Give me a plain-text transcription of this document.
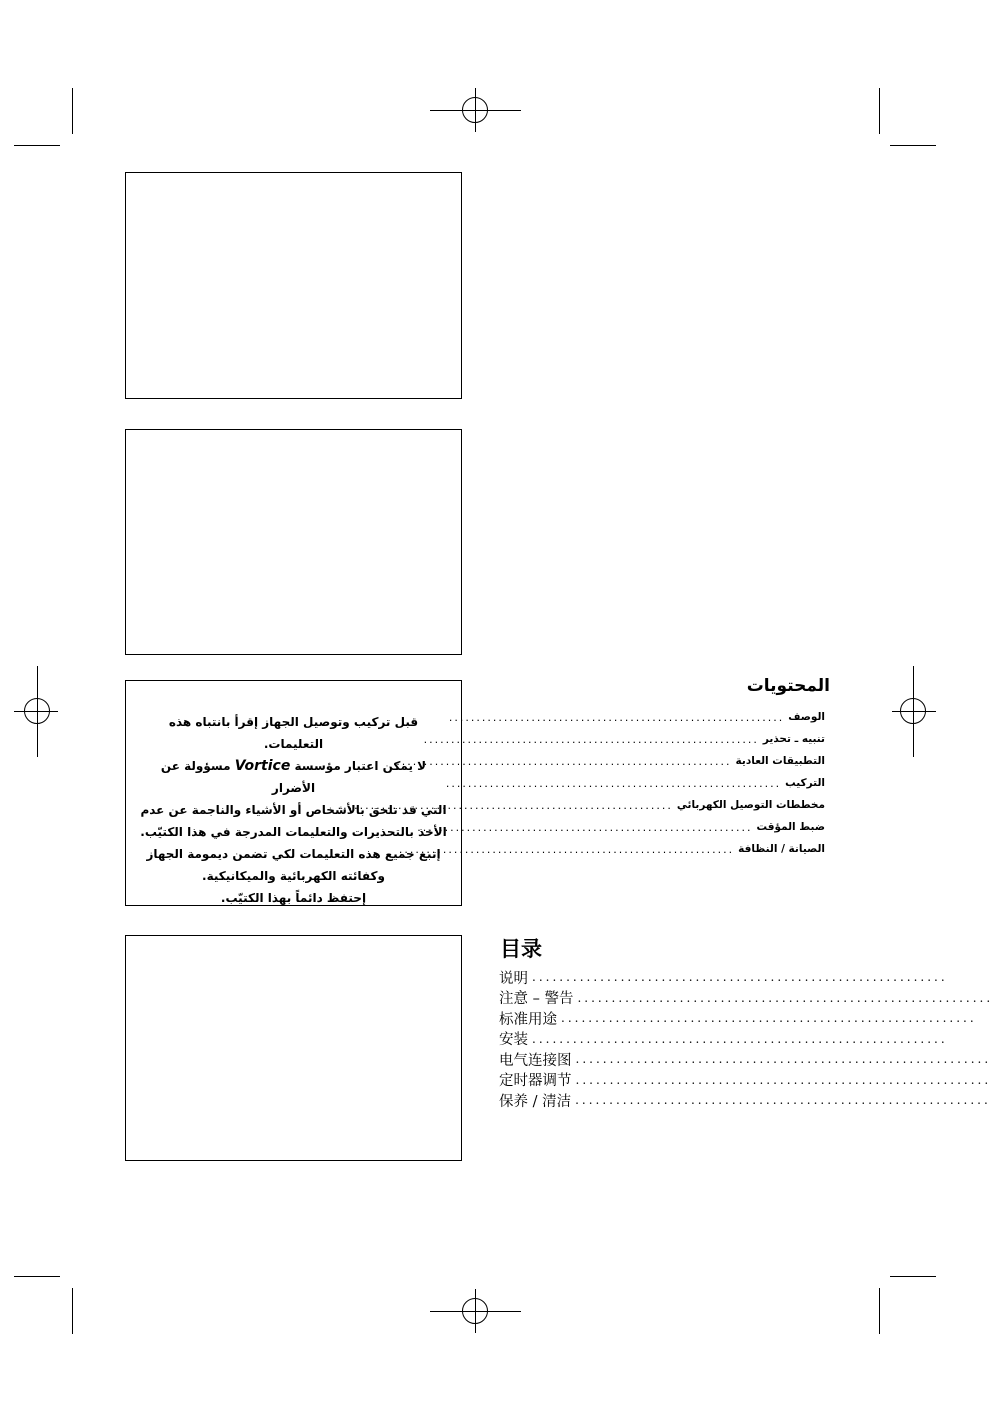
قبل تركيب وتوصيل الجهاز إقرأ بانتباه هذه
التعليمات.
لا يمكن اعتبار مؤسسة Vortice مسؤولة عن الأضرار
التي قد تلحق بالأشخاص أو الأشياء والناجمة عن عدم
الأخذ بالتحذيرات والتعليمات المدرجة في هذا الكتيّب.
إتبع جميع هذه التعليمات لكي تضمن ديمومة الجهاز
وكفائته الكهربائية والميكانيكية.
إحتفظ دائماً بهذا الكتيّب.
المحتويات
الوصف
.............................................................
تنبيه ـ تحذير
.............................................................
التطبيقات العادية
.............................................................
التركيب
.............................................................
مخططات التوصيل الكهربائي
.............................................................
ضبط المؤقت
.............................................................
الصيانة / النظافة
.............................................................
目录
说明 .............................................................
注意 – 警告 .............................................................
标准用途 .............................................................
安装 .............................................................
电气连接图 .............................................................
定时器调节 .............................................................
保养 / 清洁 .............................................................
